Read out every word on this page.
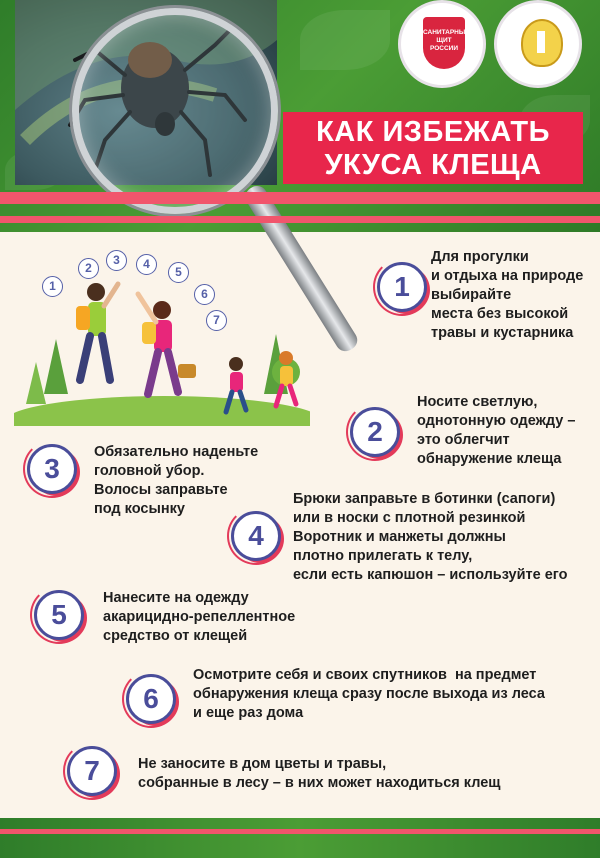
САНИТАРНЫЙ ЩИТ РОССИИ
КАК ИЗБЕЖАТЬ
УКУСА КЛЕЩА
1
2
3	4
5
6
7
1
Для прогулки
и отдыха на природе
выбирайте
места без высокой
травы и кустарника
2
Носите светлую,
однотонную одежду –
это облегчит
обнаружение клеща
3
Обязательно наденьте
головной убор.
Волосы заправьте
под косынку
4
Брюки заправьте в ботинки (сапоги)
или в носки с плотной резинкой
Воротник и манжеты должны
плотно прилегать к телу,
если есть капюшон – используйте его
5
Нанесите на одежду
акарицидно-репеллентное
средство от клещей
6
Осмотрите себя и своих спутников  на предмет
обнаружения клеща сразу после выхода из леса
и еще раз дома
7	Не заносите в дом цветы и травы,
собранные в лесу – в них может находиться клещ
